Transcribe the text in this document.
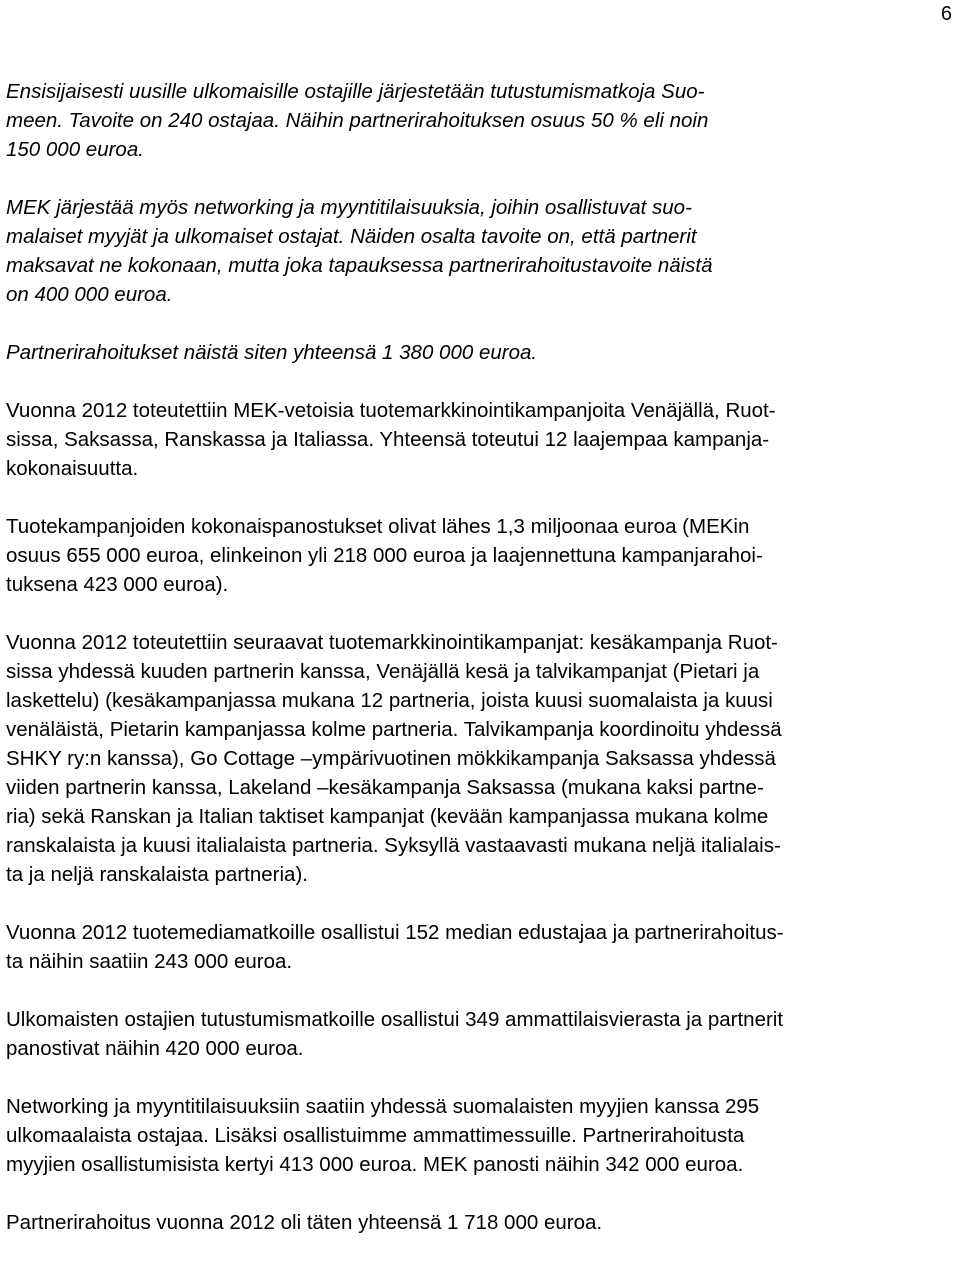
6

Ensisijaisesti uusille ulkomaisille ostajille järjestetään tutustumismatkoja Suo-
meen. Tavoite on 240 ostajaa. Näihin partnerirahoituksen osuus 50 % eli noin
150 000 euroa.

MEK järjestää myös networking ja myyntitilaisuuksia, joihin osallistuvat suo-
malaiset myyjät ja ulkomaiset ostajat. Näiden osalta tavoite on, että partnerit
maksavat ne kokonaan, mutta joka tapauksessa partnerirahoitustavoite näistä
on 400 000 euroa.

Partnerirahoitukset näistä siten yhteensä 1 380 000 euroa.

Vuonna 2012 toteutettiin MEK-vetoisia tuotemarkkinointikampanjoita Venäjällä, Ruot-
sissa, Saksassa, Ranskassa ja Italiassa. Yhteensä toteutui 12 laajempaa kampanja-
kokonaisuutta.

Tuotekampanjoiden kokonaispanostukset olivat lähes 1,3 miljoonaa euroa (MEKin
osuus 655 000 euroa, elinkeinon yli 218 000 euroa ja laajennettuna kampanjarahoi-
tuksena 423 000 euroa).

Vuonna 2012 toteutettiin seuraavat tuotemarkkinointikampanjat: kesäkampanja Ruot-
sissa yhdessä kuuden partnerin kanssa, Venäjällä kesä ja talvikampanjat (Pietari ja
laskettelu) (kesäkampanjassa mukana 12 partneria, joista kuusi suomalaista ja kuusi
venäläistä, Pietarin kampanjassa kolme partneria. Talvikampanja koordinoitu yhdessä
SHKY ry:n kanssa), Go Cottage –ympärivuotinen mökkikampanja Saksassa yhdessä
viiden partnerin kanssa, Lakeland –kesäkampanja Saksassa (mukana kaksi partne-
ria) sekä Ranskan ja Italian taktiset kampanjat (kevään kampanjassa mukana kolme
ranskalaista ja kuusi italialaista partneria. Syksyllä vastaavasti mukana neljä italialais-
ta ja neljä ranskalaista partneria).

Vuonna 2012 tuotemediamatkoille osallistui 152 median edustajaa ja partnerirahoitus-
ta näihin saatiin 243 000 euroa.

Ulkomaisten ostajien tutustumismatkoille osallistui 349 ammattilaisvierasta ja partnerit
panostivat näihin 420 000 euroa.

Networking ja myyntitilaisuuksiin saatiin yhdessä suomalaisten myyjien kanssa 295
ulkomaalaista ostajaa. Lisäksi osallistuimme ammattimessuille. Partnerirahoitusta
myyjien osallistumisista kertyi 413 000 euroa. MEK panosti näihin 342 000 euroa.

Partnerirahoitus vuonna 2012 oli täten yhteensä 1 718 000 euroa.
